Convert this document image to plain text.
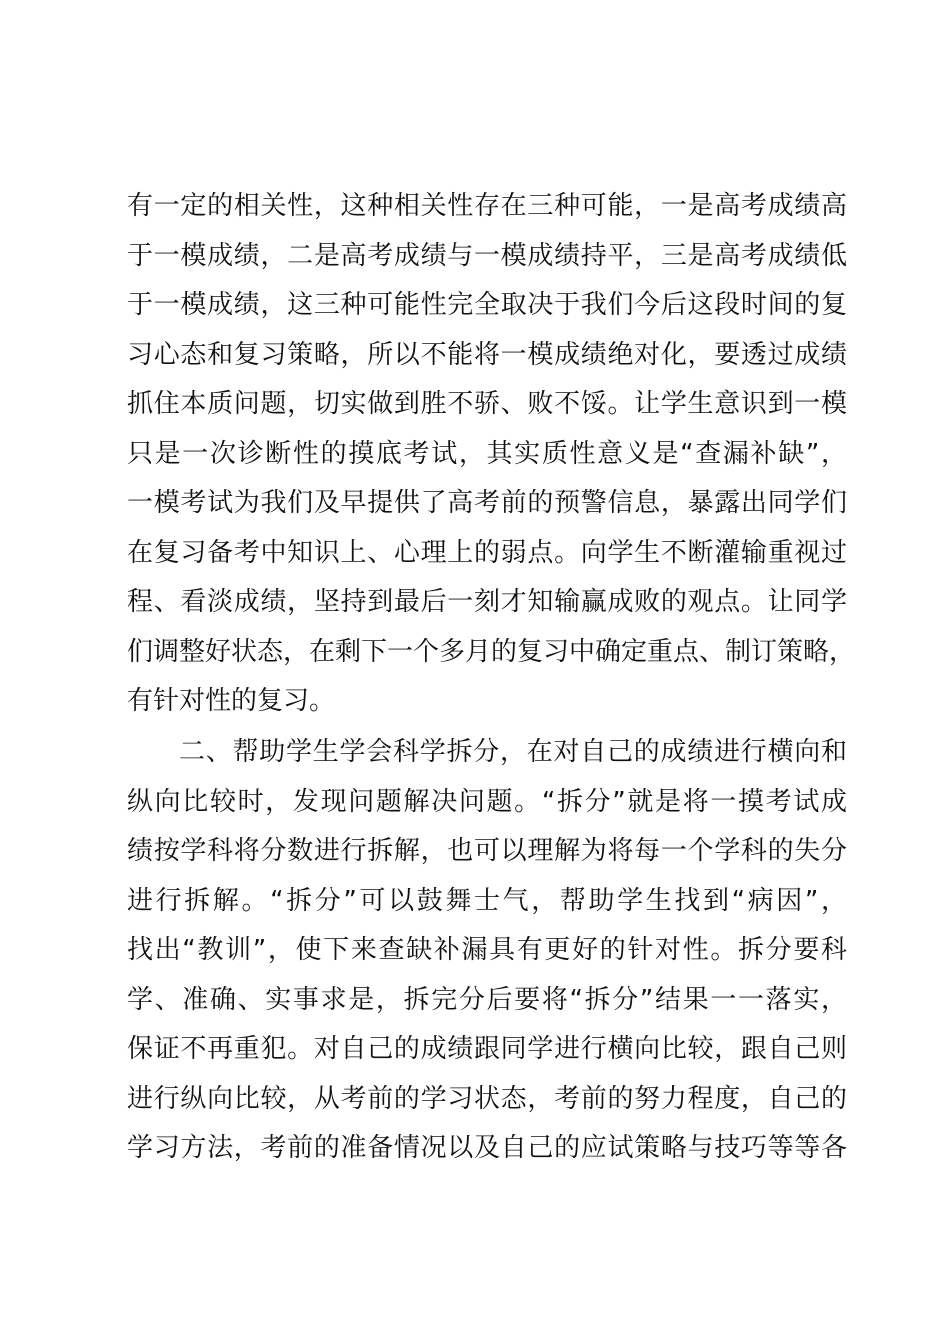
有一定的相关性，这种相关性存在三种可能，一是高考成绩高
于一模成绩，二是高考成绩与一模成绩持平，三是高考成绩低
于一模成绩，这三种可能性完全取决于我们今后这段时间的复
习心态和复习策略，所以不能将一模成绩绝对化，要透过成绩
抓住本质问题，切实做到胜不骄、败不馁。让学生意识到一模
只是一次诊断性的摸底考试，其实质性意义是“查漏补缺”，
一模考试为我们及早提供了高考前的预警信息，暴露出同学们
在复习备考中知识上、心理上的弱点。向学生不断灌输重视过
程、看淡成绩，坚持到最后一刻才知输赢成败的观点。让同学
们调整好状态，在剩下一个多月的复习中确定重点、制订策略，
有针对性的复习。
二、帮助学生学会科学拆分，在对自己的成绩进行横向和
纵向比较时，发现问题解决问题。“拆分”就是将一摸考试成
绩按学科将分数进行拆解，也可以理解为将每一个学科的失分
进行拆解。“拆分”可以鼓舞士气，帮助学生找到“病因”，
找出“教训”，使下来查缺补漏具有更好的针对性。拆分要科
学、准确、实事求是，拆完分后要将“拆分”结果一一落实，
保证不再重犯。对自己的成绩跟同学进行横向比较，跟自己则
进行纵向比较，从考前的学习状态，考前的努力程度，自己的
学习方法，考前的准备情况以及自己的应试策略与技巧等等各
